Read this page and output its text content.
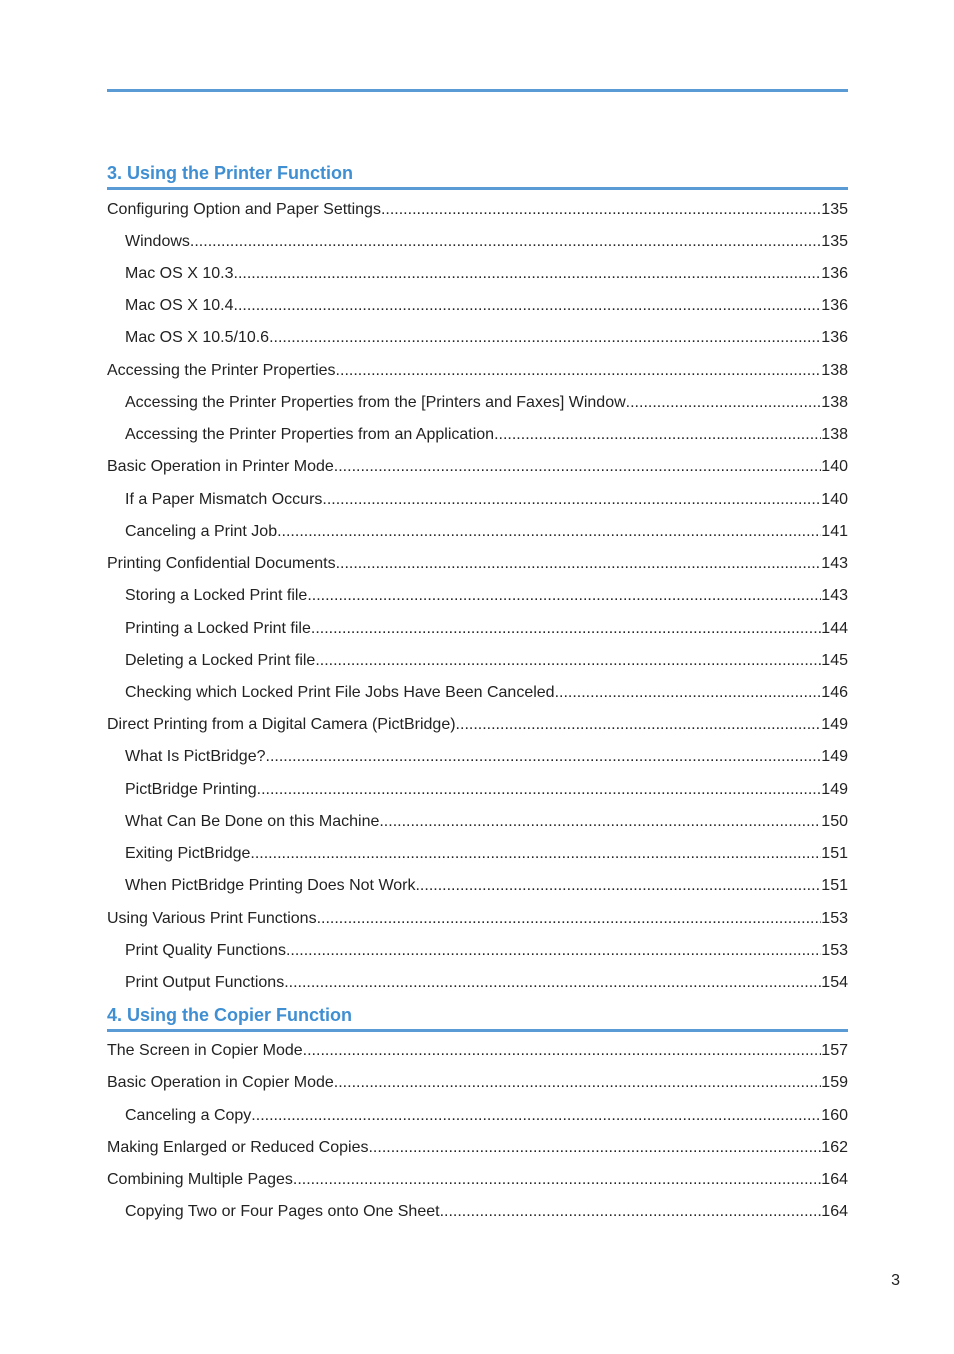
3. Using the Printer Function
Configuring Option and Paper Settings .....	135
Windows .....	135
Mac OS X 10.3 .....	136
Mac OS X 10.4 .....	136
Mac OS X 10.5/10.6 .....	136
Accessing the Printer Properties .....	138
Accessing the Printer Properties from the [Printers and Faxes] Window .....	138
Accessing the Printer Properties from an Application .....	138
Basic Operation in Printer Mode .....	140
If a Paper Mismatch Occurs .....	140
Canceling a Print Job .....	141
Printing Confidential Documents .....	143
Storing a Locked Print file .....	143
Printing a Locked Print file .....	144
Deleting a Locked Print file .....	145
Checking which Locked Print File Jobs Have Been Canceled .....	146
Direct Printing from a Digital Camera (PictBridge) .....	149
What Is PictBridge? .....	149
PictBridge Printing .....	149
What Can Be Done on this Machine .....	150
Exiting PictBridge .....	151
When PictBridge Printing Does Not Work .....	151
Using Various Print Functions .....	153
Print Quality Functions .....	153
Print Output Functions .....	154
4. Using the Copier Function
The Screen in Copier Mode .....	157
Basic Operation in Copier Mode .....	159
Canceling a Copy .....	160
Making Enlarged or Reduced Copies .....	162
Combining Multiple Pages .....	164
Copying Two or Four Pages onto One Sheet .....	164
3
